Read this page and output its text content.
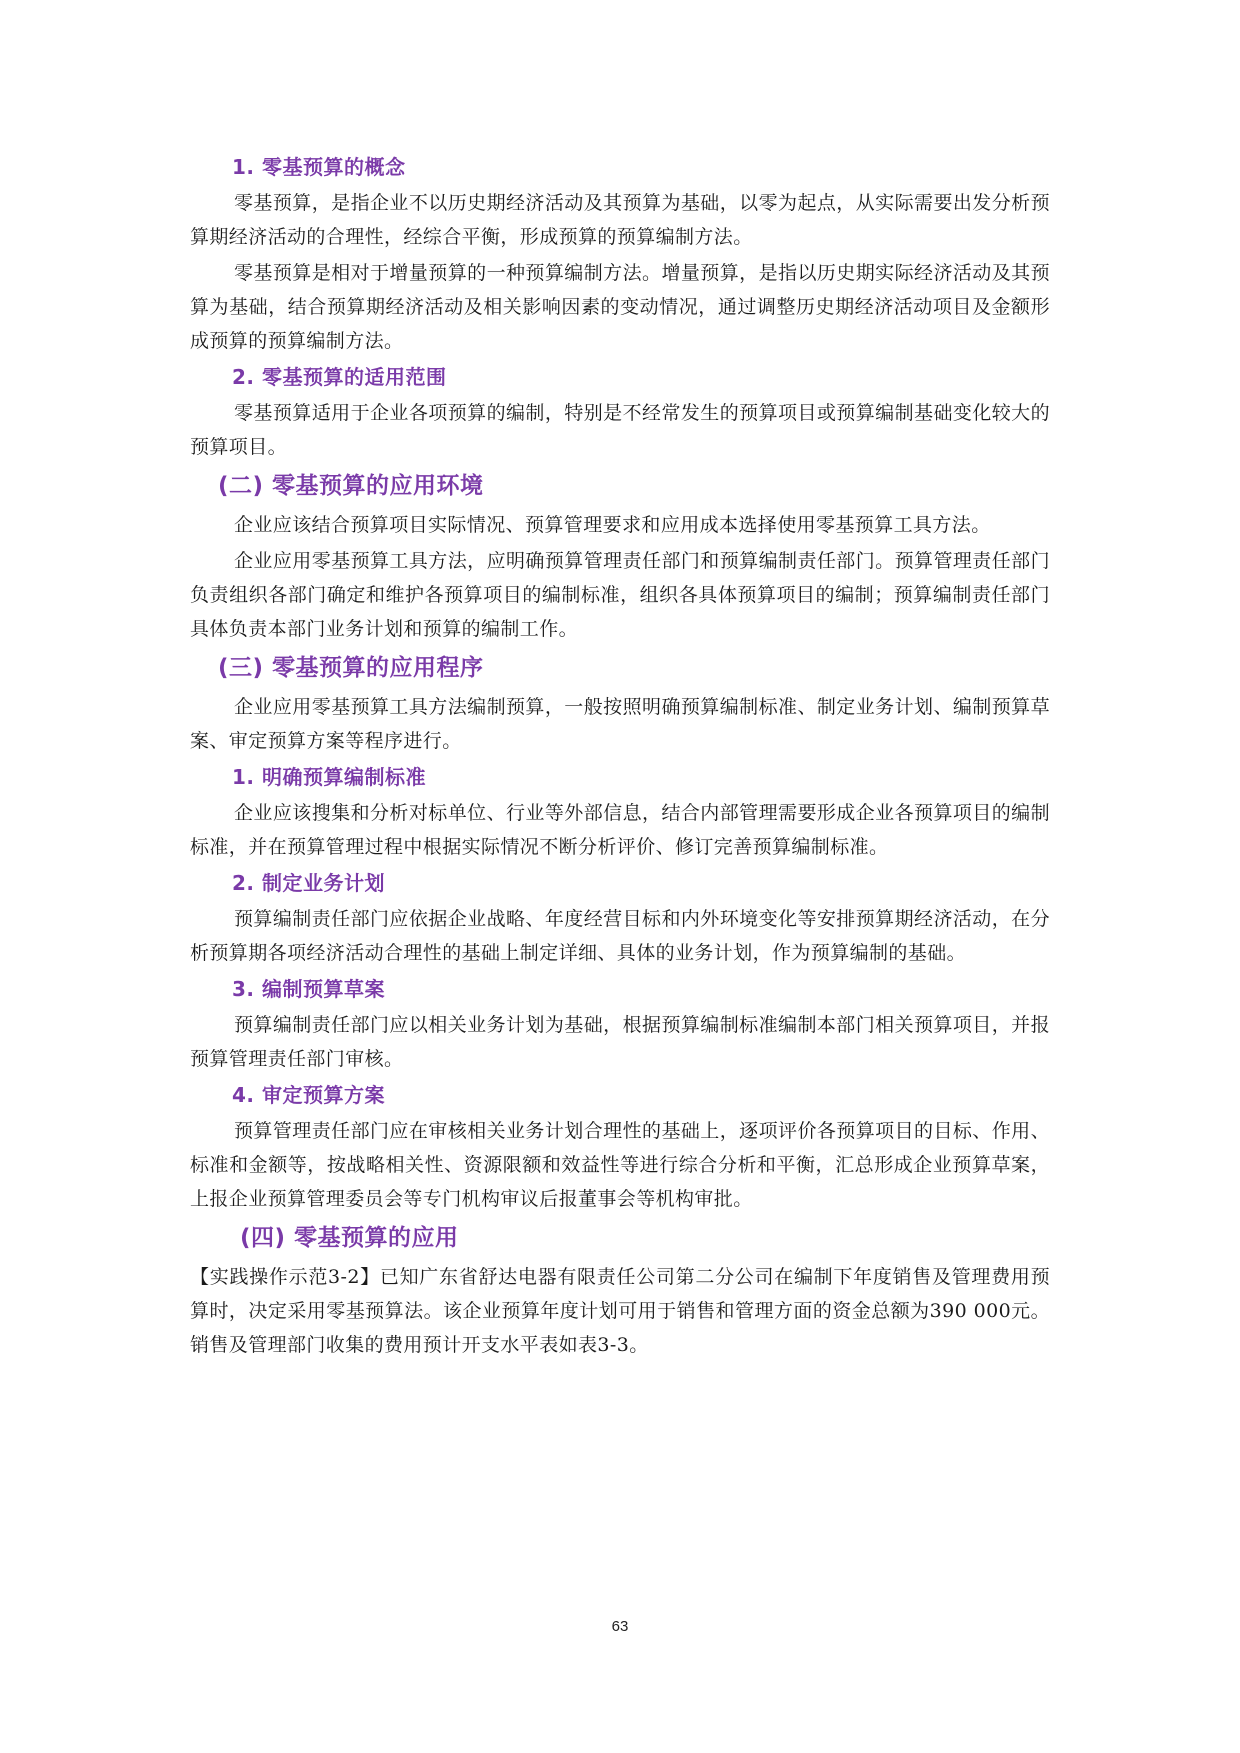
1. 零基预算的概念

零基预算，是指企业不以历史期经济活动及其预算为基础，以零为起点，从实际需要出发分析预算期经济活动的合理性，经综合平衡，形成预算的预算编制方法。

零基预算是相对于增量预算的一种预算编制方法。增量预算，是指以历史期实际经济活动及其预算为基础，结合预算期经济活动及相关影响因素的变动情况，通过调整历史期经济活动项目及金额形成预算的预算编制方法。

2. 零基预算的适用范围

零基预算适用于企业各项预算的编制，特别是不经常发生的预算项目或预算编制基础变化较大的预算项目。

(二) 零基预算的应用环境

企业应该结合预算项目实际情况、预算管理要求和应用成本选择使用零基预算工具方法。

企业应用零基预算工具方法，应明确预算管理责任部门和预算编制责任部门。预算管理责任部门负责组织各部门确定和维护各预算项目的编制标准，组织各具体预算项目的编制；预算编制责任部门具体负责本部门业务计划和预算的编制工作。

(三) 零基预算的应用程序

企业应用零基预算工具方法编制预算，一般按照明确预算编制标准、制定业务计划、编制预算草案、审定预算方案等程序进行。

1. 明确预算编制标准

企业应该搜集和分析对标单位、行业等外部信息，结合内部管理需要形成企业各预算项目的编制标准，并在预算管理过程中根据实际情况不断分析评价、修订完善预算编制标准。

2. 制定业务计划

预算编制责任部门应依据企业战略、年度经营目标和内外环境变化等安排预算期经济活动，在分析预算期各项经济活动合理性的基础上制定详细、具体的业务计划，作为预算编制的基础。

3. 编制预算草案

预算编制责任部门应以相关业务计划为基础，根据预算编制标准编制本部门相关预算项目，并报预算管理责任部门审核。

4. 审定预算方案

预算管理责任部门应在审核相关业务计划合理性的基础上，逐项评价各预算项目的目标、作用、标准和金额等，按战略相关性、资源限额和效益性等进行综合分析和平衡，汇总形成企业预算草案，上报企业预算管理委员会等专门机构审议后报董事会等机构审批。

(四) 零基预算的应用

【实践操作示范3-2】已知广东省舒达电器有限责任公司第二分公司在编制下年度销售及管理费用预算时，决定采用零基预算法。该企业预算年度计划可用于销售和管理方面的资金总额为390 000元。销售及管理部门收集的费用预计开支水平表如表3-3。

63
